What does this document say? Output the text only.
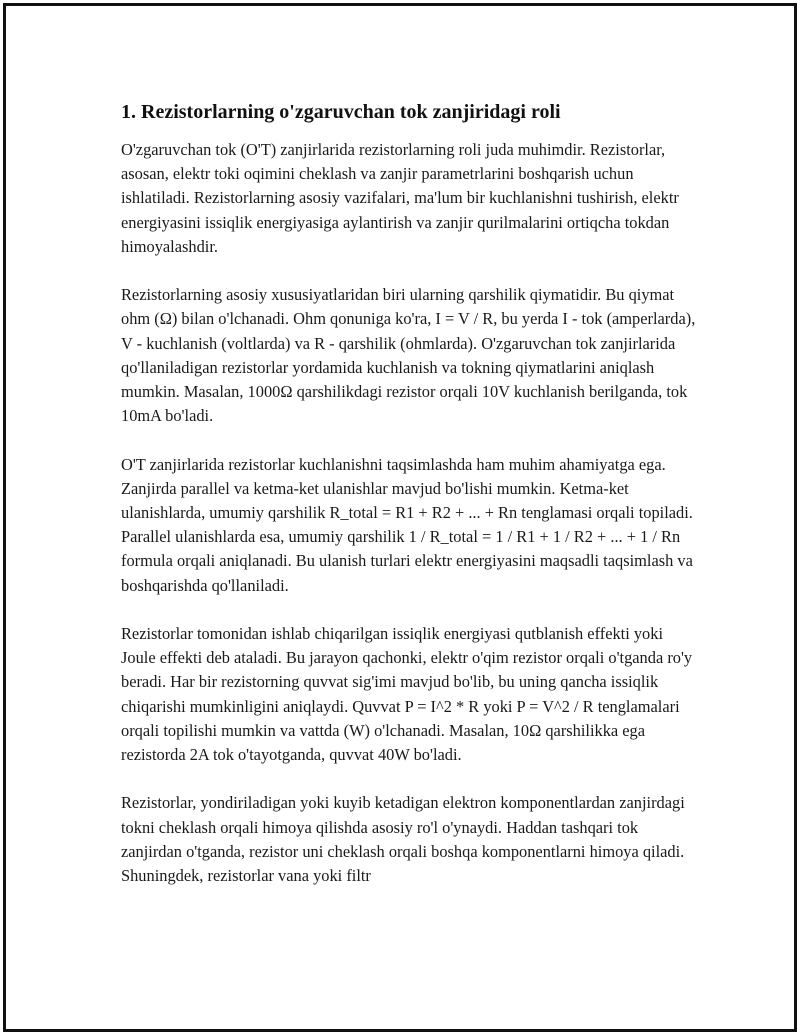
1. Rezistorlarning o'zgaruvchan tok zanjiridagi roli

O'zgaruvchan tok (O'T) zanjirlarida rezistorlarning roli juda muhimdir. Rezistorlar, asosan, elektr toki oqimini cheklash va zanjir parametrlarini boshqarish uchun ishlatiladi. Rezistorlarning asosiy vazifalari, ma'lum bir kuchlanishni tushirish, elektr energiyasini issiqlik energiyasiga aylantirish va zanjir qurilmalarini ortiqcha tokdan himoyalashdir.

Rezistorlarning asosiy xususiyatlaridan biri ularning qarshilik qiymatidir. Bu qiymat ohm (Ω) bilan o'lchanadi. Ohm qonuniga ko'ra, I = V / R, bu yerda I - tok (amperlarda), V - kuchlanish (voltlarda) va R - qarshilik (ohmlarda). O'zgaruvchan tok zanjirlarida qo'llaniladigan rezistorlar yordamida kuchlanish va tokning qiymatlarini aniqlash mumkin. Masalan, 1000Ω qarshilikdagi rezistor orqali 10V kuchlanish berilganda, tok 10mA bo'ladi.

O'T zanjirlarida rezistorlar kuchlanishni taqsimlashda ham muhim ahamiyatga ega. Zanjirda parallel va ketma-ket ulanishlar mavjud bo'lishi mumkin. Ketma-ket ulanishlarda, umumiy qarshilik R_total = R1 + R2 + ... + Rn tenglamasi orqali topiladi. Parallel ulanishlarda esa, umumiy qarshilik 1 / R_total = 1 / R1 + 1 / R2 + ... + 1 / Rn formula orqali aniqlanadi. Bu ulanish turlari elektr energiyasini maqsadli taqsimlash va boshqarishda qo'llaniladi.

Rezistorlar tomonidan ishlab chiqarilgan issiqlik energiyasi qutblanish effekti yoki Joule effekti deb ataladi. Bu jarayon qachonki, elektr o'qim rezistor orqali o'tganda ro'y beradi. Har bir rezistorning quvvat sig'imi mavjud bo'lib, bu uning qancha issiqlik chiqarishi mumkinligini aniqlaydi. Quvvat P = I^2 * R yoki P = V^2 / R tenglamalari orqali topilishi mumkin va vattda (W) o'lchanadi. Masalan, 10Ω qarshilikka ega rezistorda 2A tok o'tayotganda, quvvat 40W bo'ladi.

Rezistorlar, yondiriladigan yoki kuyib ketadigan elektron komponentlardan zanjirdagi tokni cheklash orqali himoya qilishda asosiy ro'l o'ynaydi. Haddan tashqari tok zanjirdan o'tganda, rezistor uni cheklash orqali boshqa komponentlarni himoya qiladi. Shuningdek, rezistorlar vana yoki filtr
